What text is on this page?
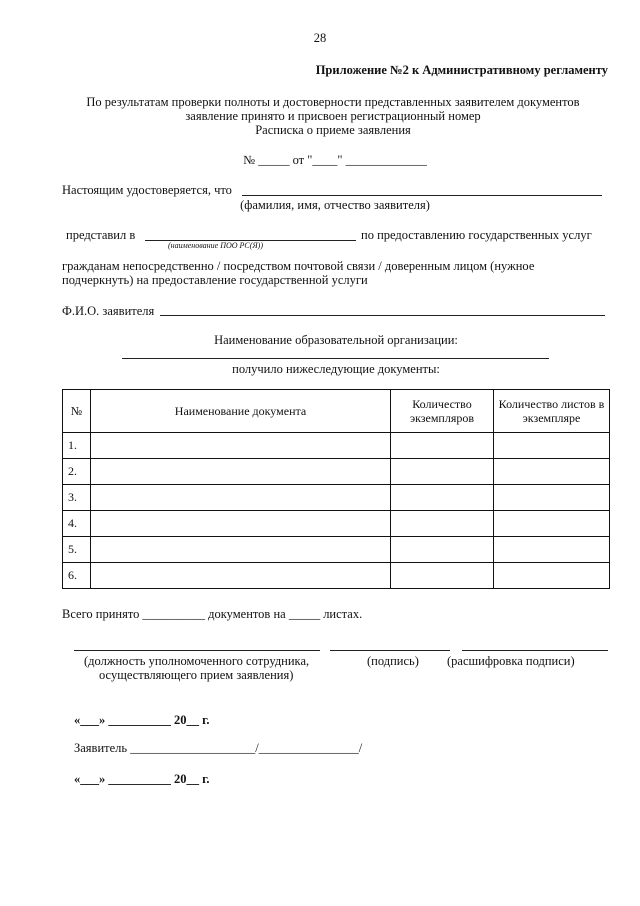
28
Приложение №2 к Административному регламенту
По результатам проверки полноты и достоверности представленных заявителем документов
заявление принято и присвоен регистрационный номер
Расписка о приеме заявления
№ _____ от "____" _____________
Настоящим удостоверяется, что
(фамилия, имя, отчество заявителя)
представил в
(наименование ПОО РС(Я))
по предоставлению государственных услуг
гражданам непосредственно / посредством почтовой связи / доверенным лицом (нужное
подчеркнуть) на предоставление государственной услуги
Ф.И.О. заявителя
Наименование образовательной организации:
получило нижеследующие документы:
№	Наименование документа	Количество экземпляров	Количество листов в экземпляре
1.			
2.			
3.			
4.			
5.			
6.			
Всего принято __________ документов на _____ листах.
(должность уполномоченного сотрудника,
осуществляющего прием заявления)
(подпись) (расшифровка подписи)
«___» __________ 20__ г.
Заявитель ____________________/________________/
«___» __________ 20__ г.
